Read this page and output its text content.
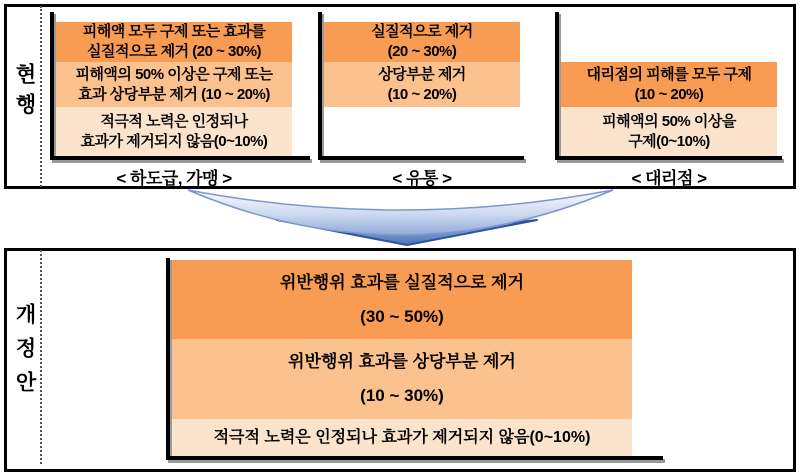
현행
피해액 모두 구제 또는 효과를
실질적으로 제거 (20 ~ 30%)
피해액의 50% 이상은 구제 또는
효과 상당부분 제거 (10 ~ 20%)
적극적 노력은 인정되나
효과가 제거되지 않음(0~10%)
< 하도급, 가맹 >
실질적으로 제거
(20 ~ 30%)
상당부분 제거
(10 ~ 20%)
< 유통 >
대리점의 피해를 모두 구제
(10 ~ 20%)
피해액의 50% 이상을
구제(0~10%)
< 대리점 >
개정안
위반행위 효과를 실질적으로 제거
(30 ~ 50%)
위반행위 효과를 상당부분 제거
(10 ~ 30%)
적극적 노력은 인정되나 효과가 제거되지 않음(0~10%)
